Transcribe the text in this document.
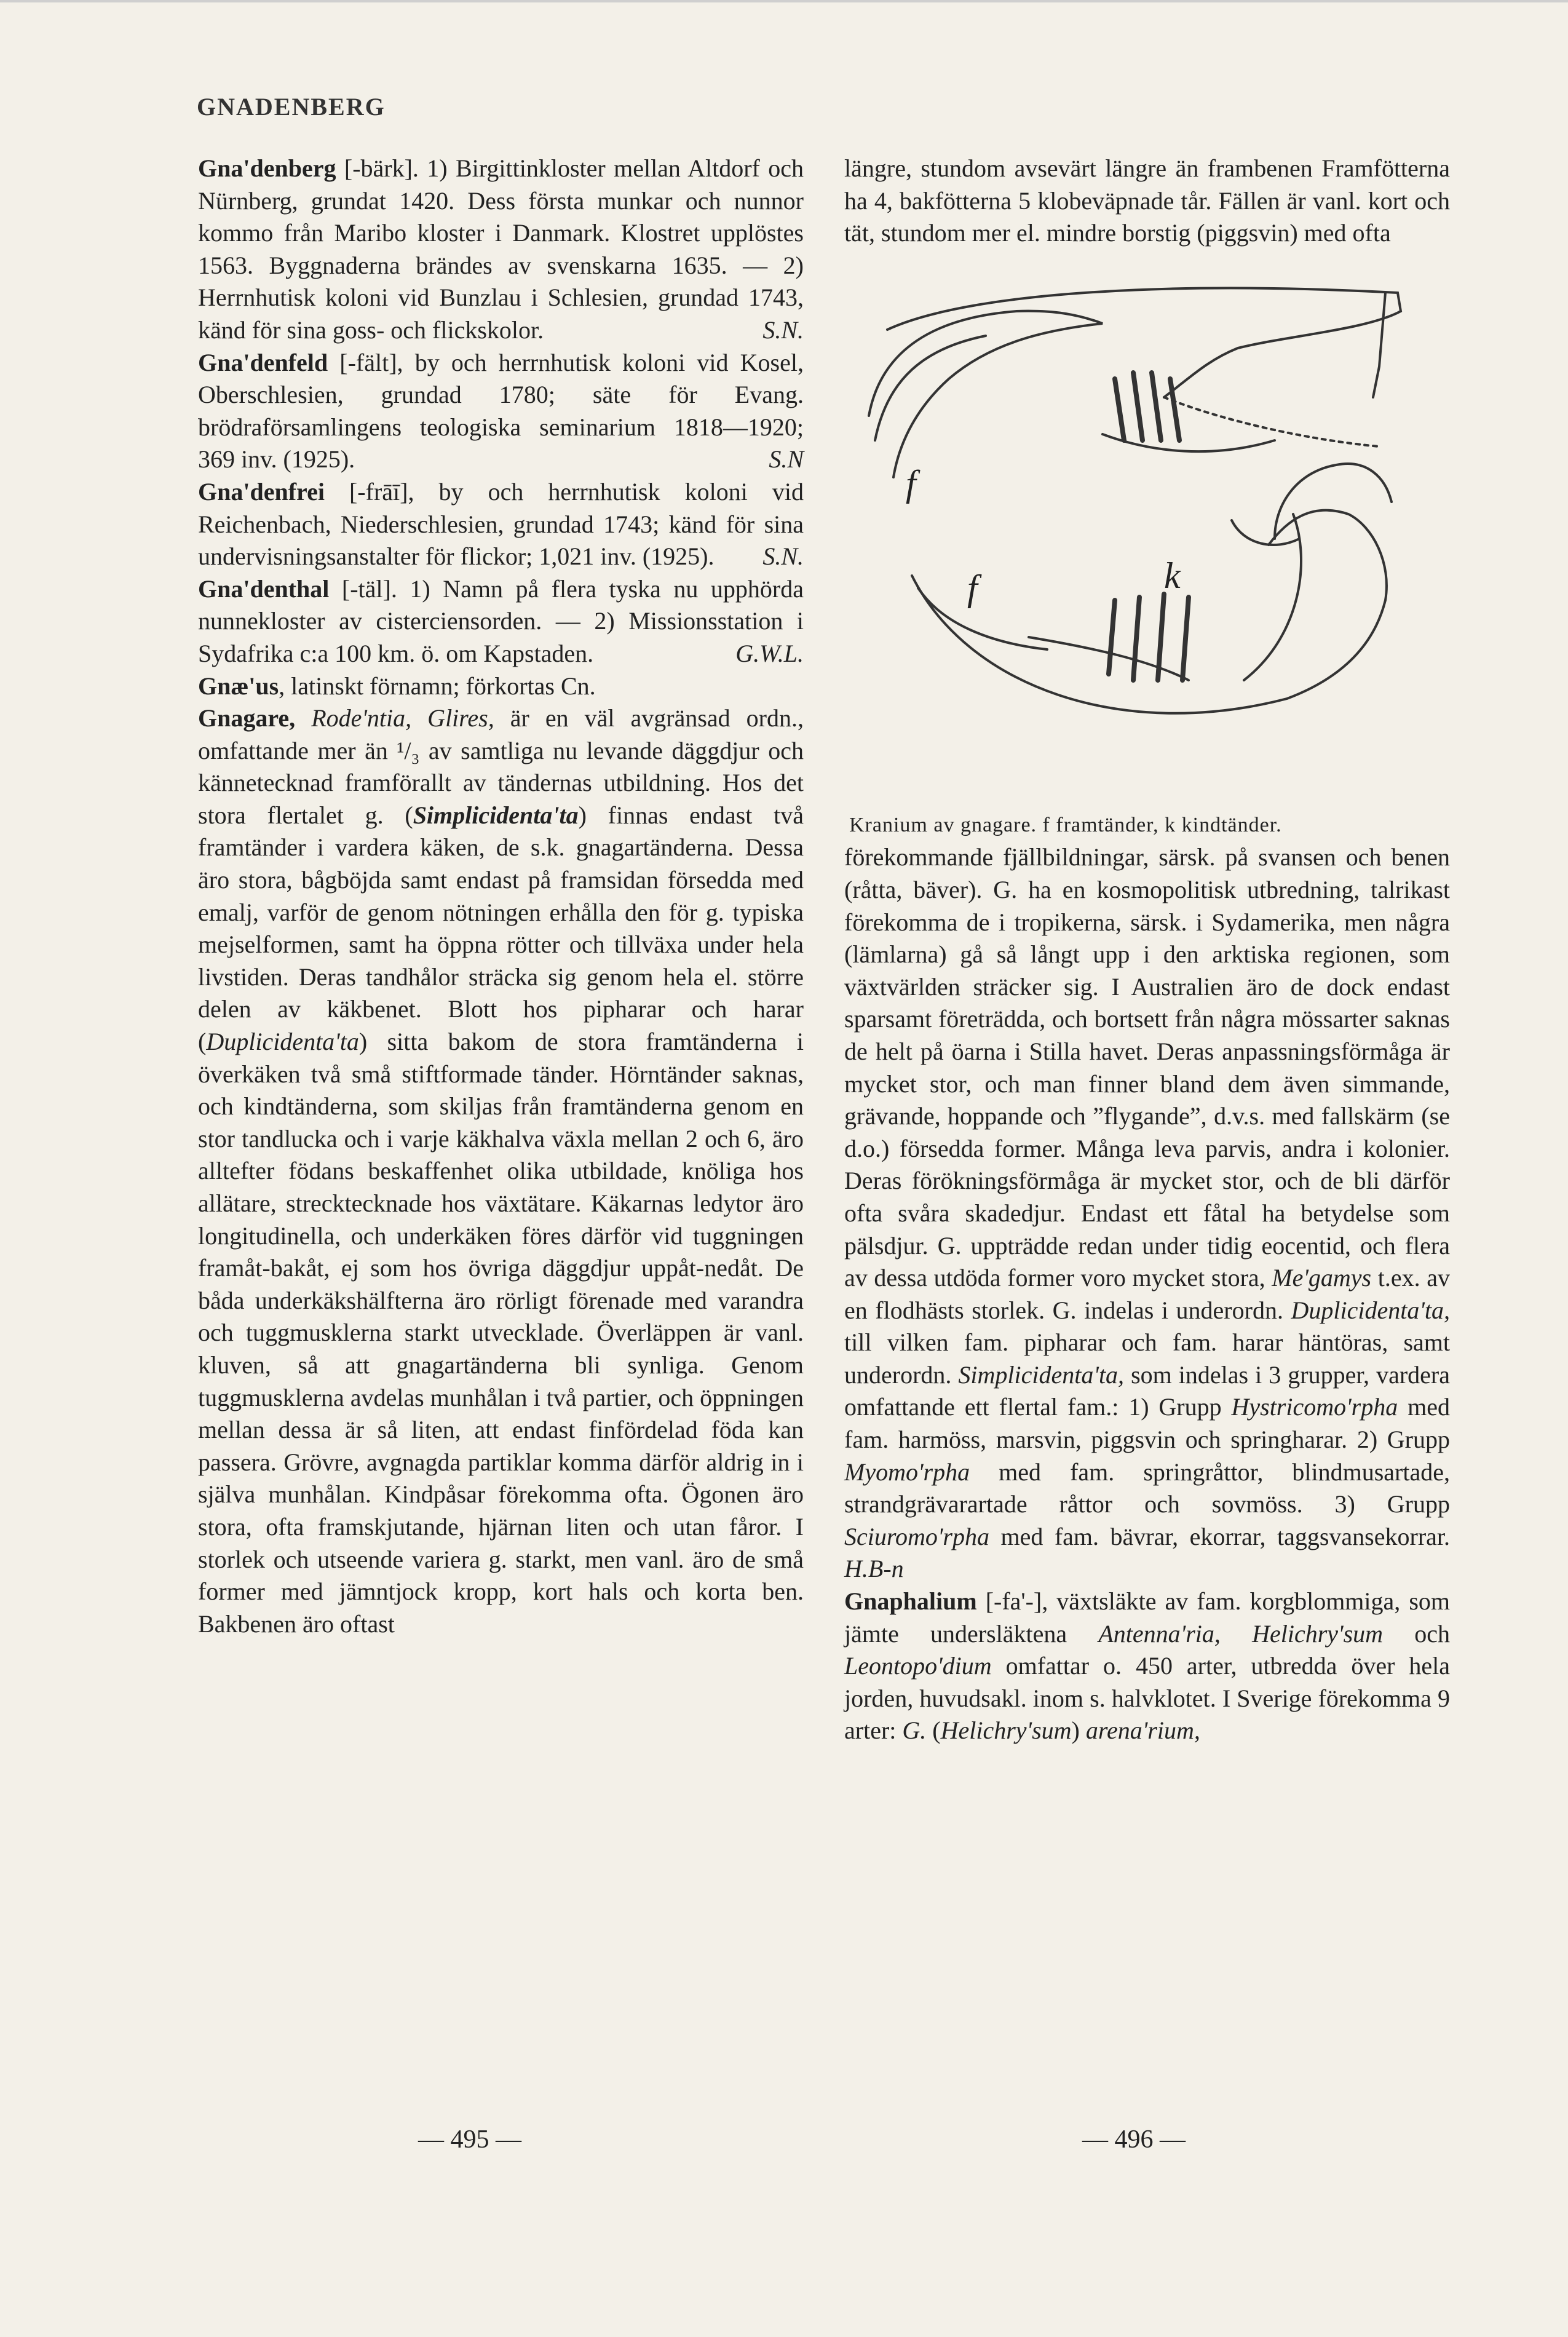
GNADENBERG

Gna'denberg [-bärk]. 1) Birgittinkloster mellan Altdorf och Nürnberg, grundat 1420. Dess första munkar och nunnor kommo från Maribo kloster i Danmark. Klostret upplöstes 1563. Byggnaderna brändes av svenskarna 1635. — 2) Herrnhutisk koloni vid Bunzlau i Schlesien, grundad 1743, känd för sina goss- och flickskolor.	S.N.

Gna'denfeld [-fält], by och herrnhutisk koloni vid Kosel, Oberschlesien, grundad 1780; säte för Evang. brödraförsamlingens teologiska seminarium 1818—1920; 369 inv. (1925).	S.N

Gna'denfrei [-frāī], by och herrnhutisk koloni vid Reichenbach, Niederschlesien, grundad 1743; känd för sina undervisningsanstalter för flickor; 1,021 inv. (1925). S.N.

Gna'denthal [-täl]. 1) Namn på flera tyska nu upphörda nunnekloster av cisterciensorden. — 2) Missionsstation i Sydafrika c:a 100 km. ö. om Kapstaden.	G.W.L.

Gnæ'us, latinskt förnamn; förkortas Cn.

Gnagare, Rode'ntia, Glires, är en väl avgränsad ordn., omfattande mer än ¹/₃ av samtliga nu levande däggdjur och kännetecknad framförallt av tändernas utbildning. Hos det stora flertalet g. (Simplicidenta'ta) finnas endast två framtänder i vardera käken, de s.k. gnagartänderna. Dessa äro stora, bågböjda samt endast på framsidan försedda med emalj, varför de genom nötningen erhålla den för g. typiska mejselformen, samt ha öppna rötter och tillväxa under hela livstiden. Deras tandhålor sträcka sig genom hela el. större delen av käkbenet. Blott hos pipharar och harar (Duplicidenta'ta) sitta bakom de stora framtänderna i överkäken två små stiftformade tänder. Hörntänder saknas, och kindtänderna, som skiljas från framtänderna genom en stor tandlucka och i varje käkhalva växla mellan 2 och 6, äro alltefter födans beskaffenhet olika utbildade, knöliga hos allätare, strecktecknade hos växtätare. Käkarnas ledytor äro longitudinella, och underkäken föres därför vid tuggningen framåt-bakåt, ej som hos övriga däggdjur uppåt-nedåt. De båda underkäkshälfterna äro rörligt förenade med varandra och tuggmusklerna starkt utvecklade. Överläppen är vanl. kluven, så att gnagartänderna bli synliga. Genom tuggmusklerna avdelas munhålan i två partier, och öppningen mellan dessa är så liten, att endast finfördelad föda kan passera. Grövre, avgnagda partiklar komma därför aldrig in i själva munhålan. Kindpåsar förekomma ofta. Ögonen äro stora, ofta framskjutande, hjärnan liten och utan fåror. I storlek och utseende variera g. starkt, men vanl. äro de små former med jämntjock kropp, kort hals och korta ben. Bakbenen äro oftast

längre, stundom avsevärt längre än frambenen Framfötterna ha 4, bakfötterna 5 klobeväpnade tår. Fällen är vanl. kort och tät, stundom mer el. mindre borstig (piggsvin) med ofta

f
f	k

Kranium av gnagare. f framtänder, k kindtänder.

förekommande fjällbildningar, särsk. på svansen och benen (råtta, bäver). G. ha en kosmopolitisk utbredning, talrikast förekomma de i tropikerna, särsk. i Sydamerika, men några (lämlarna) gå så långt upp i den arktiska regionen, som växtvärlden sträcker sig. I Australien äro de dock endast sparsamt företrädda, och bortsett från några mössarter saknas de helt på öarna i Stilla havet. Deras anpassningsförmåga är mycket stor, och man finner bland dem även simmande, grävande, hoppande och ”flygande”, d.v.s. med fallskärm (se d.o.) försedda former. Många leva parvis, andra i kolonier. Deras förökningsförmåga är mycket stor, och de bli därför ofta svåra skadedjur. Endast ett fåtal ha betydelse som pälsdjur. G. uppträdde redan under tidig eocentid, och flera av dessa utdöda former voro mycket stora, Me'gamys t.ex. av en flodhästs storlek. G. indelas i underordn. Duplicidenta'ta, till vilken fam. pipharar och fam. harar häntöras, samt underordn. Simplicidenta'ta, som indelas i 3 grupper, vardera omfattande ett flertal fam.: 1) Grupp Hystricomo'rpha med fam. harmöss, marsvin, piggsvin och springharar. 2) Grupp Myomo'rpha med fam. springråttor, blindmusartade, strandgrävarartade råttor och sovmöss. 3) Grupp Sciuromo'rpha med fam. bävrar, ekorrar, taggsvansekorrar. H.B-n

Gnaphalium [-fa'-], växtsläkte av fam. korgblommiga, som jämte undersläktena Antenna'ria, Helichry'sum och Leontopo'dium omfattar o. 450 arter, utbredda över hela jorden, huvudsakl. inom s. halvklotet. I Sverige förekomma 9 arter: G. (Helichry'sum) arena'rium,

— 495 —	— 496 —
